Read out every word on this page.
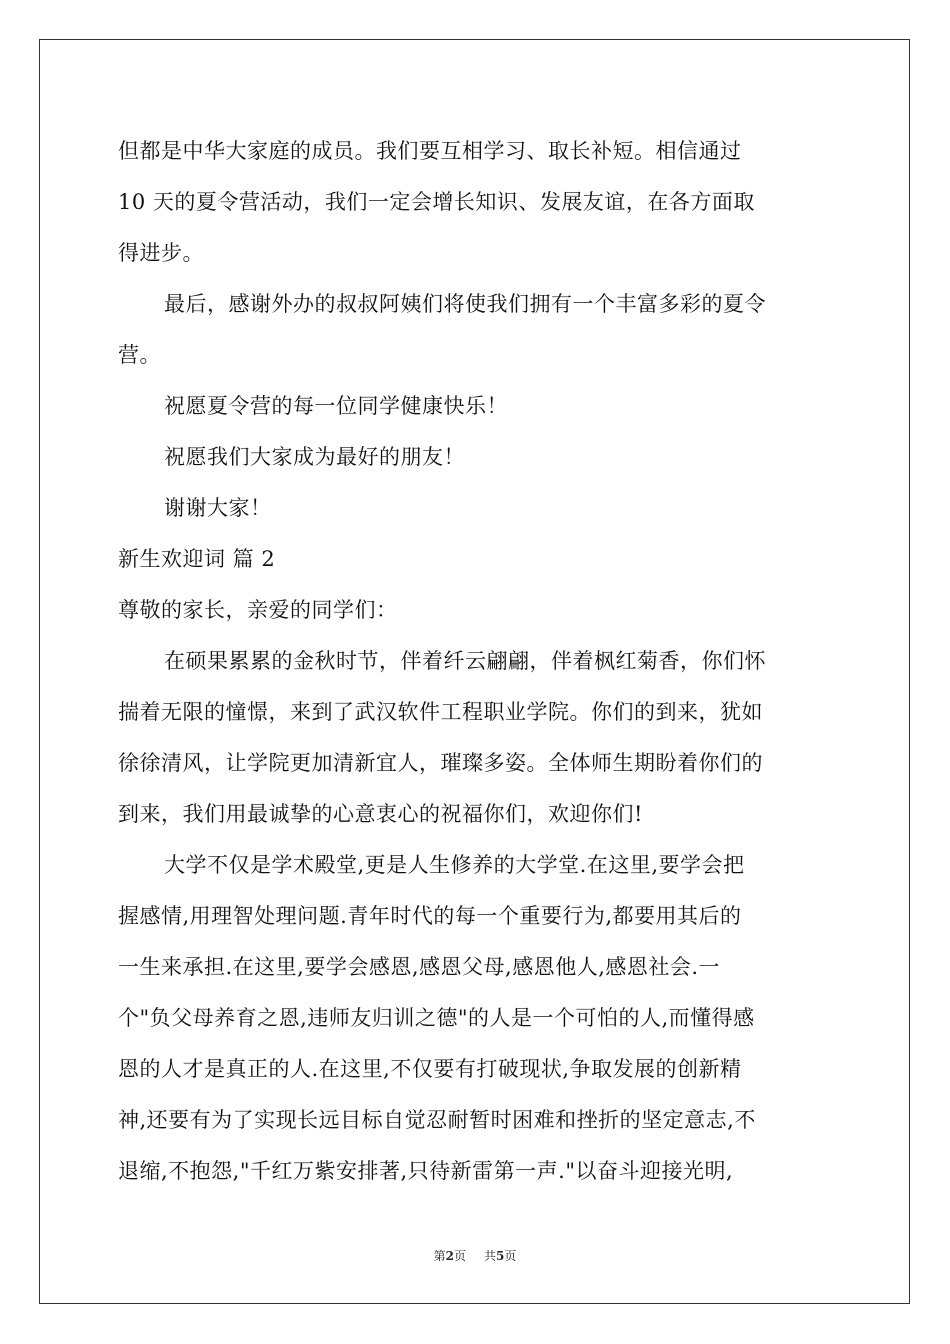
但都是中华大家庭的成员。我们要互相学习、取长补短。相信通过
10 天的夏令营活动，我们一定会增长知识、发展友谊，在各方面取
得进步。
最后，感谢外办的叔叔阿姨们将使我们拥有一个丰富多彩的夏令
营。
祝愿夏令营的每一位同学健康快乐！
祝愿我们大家成为最好的朋友！
谢谢大家！
新生欢迎词 篇 2
尊敬的家长，亲爱的同学们：
在硕果累累的金秋时节，伴着纤云翩翩，伴着枫红菊香，你们怀
揣着无限的憧憬，来到了武汉软件工程职业学院。你们的到来，犹如
徐徐清风，让学院更加清新宜人，璀璨多姿。全体师生期盼着你们的
到来，我们用最诚挚的心意衷心的祝福你们，欢迎你们!
大学不仅是学术殿堂,更是人生修养的大学堂.在这里,要学会把
握感情,用理智处理问题.青年时代的每一个重要行为,都要用其后的
一生来承担.在这里,要学会感恩,感恩父母,感恩他人,感恩社会.一
个"负父母养育之恩,违师友归训之德"的人是一个可怕的人,而懂得感
恩的人才是真正的人.在这里,不仅要有打破现状,争取发展的创新精
神,还要有为了实现长远目标自觉忍耐暂时困难和挫折的坚定意志,不
退缩,不抱怨,"千红万紫安排著,只待新雷第一声."以奋斗迎接光明,
第2页 共5页
